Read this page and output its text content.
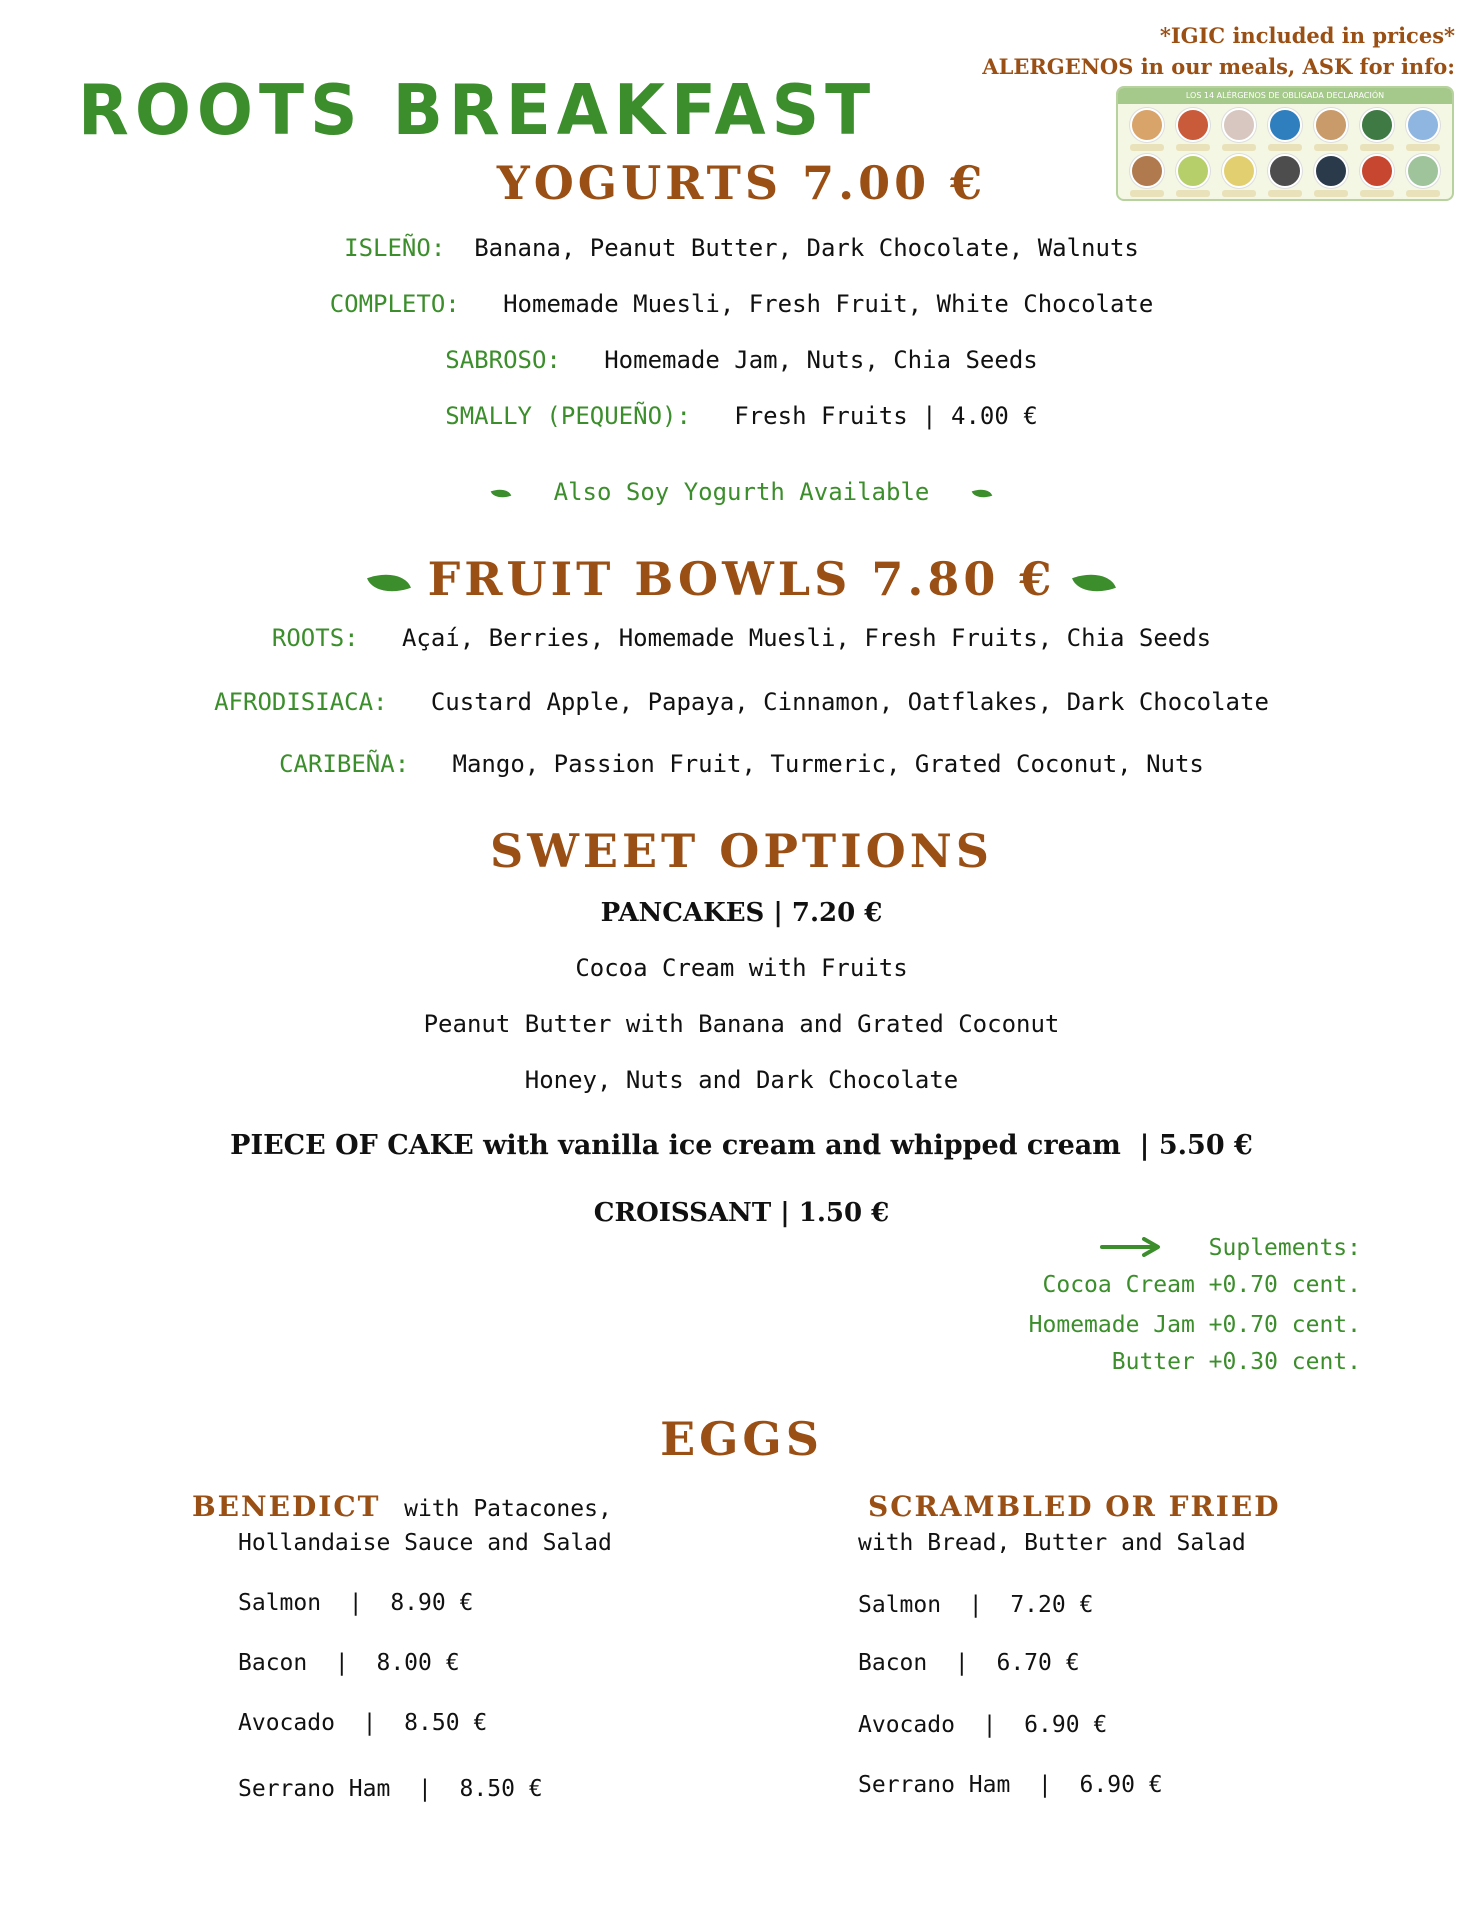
ROOTS BREAKFAST
*IGIC included in prices*
ALERGENOS in our meals, ASK for info:
LOS 14 ALÉRGENOS DE OBLIGADA DECLARACIÓN
YOGURTS 7.00 €
ISLEÑO: Banana, Peanut Butter, Dark Chocolate, Walnuts
COMPLETO: Homemade Muesli, Fresh Fruit, White Chocolate
SABROSO: Homemade Jam, Nuts, Chia Seeds
SMALLY (PEQUEÑO): Fresh Fruits | 4.00 €
Also Soy Yogurth Available
FRUIT BOWLS 7.80 €
ROOTS: Açaí, Berries, Homemade Muesli, Fresh Fruits, Chia Seeds
AFRODISIACA: Custard Apple, Papaya, Cinnamon, Oatflakes, Dark Chocolate
CARIBEÑA: Mango, Passion Fruit, Turmeric, Grated Coconut, Nuts
SWEET OPTIONS
PANCAKES | 7.20 €
Cocoa Cream with Fruits
Peanut Butter with Banana and Grated Coconut
Honey, Nuts and Dark Chocolate
PIECE OF CAKE with vanilla ice cream and whipped cream  | 5.50 €
CROISSANT | 1.50 €
Suplements:
Cocoa Cream +0.70 cent.
Homemade Jam +0.70 cent.
Butter +0.30 cent.
EGGS
BENEDICT with Patacones,
Hollandaise Sauce and Salad
Salmon  |  8.90 €
Bacon  |  8.00 €
Avocado  |  8.50 €
Serrano Ham  |  8.50 €
SCRAMBLED OR FRIED
with Bread, Butter and Salad
Salmon  |  7.20 €
Bacon  |  6.70 €
Avocado  |  6.90 €
Serrano Ham  |  6.90 €
